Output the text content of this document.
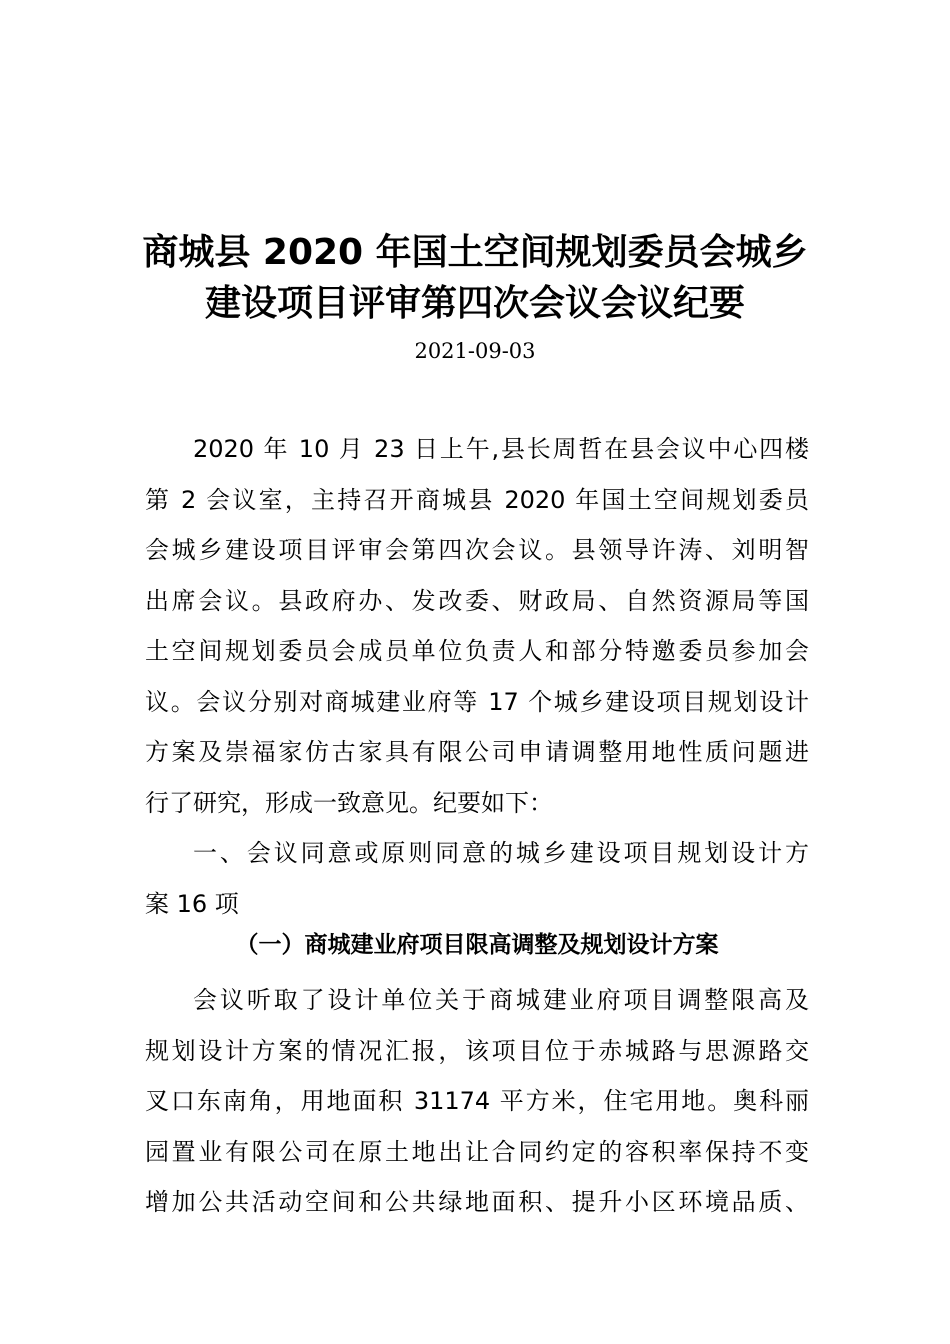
商城县 2020 年国土空间规划委员会城乡
建设项目评审第四次会议会议纪要
2021-09-03
2020 年 10 月 23 日上午,县长周哲在县会议中心四楼
第 2 会议室，主持召开商城县 2020 年国土空间规划委员
会城乡建设项目评审会第四次会议。县领导许涛、刘明智
出席会议。县政府办、发改委、财政局、自然资源局等国
土空间规划委员会成员单位负责人和部分特邀委员参加会
议。会议分别对商城建业府等 17 个城乡建设项目规划设计
方案及崇福家仿古家具有限公司申请调整用地性质问题进
行了研究，形成一致意见。纪要如下：
一、会议同意或原则同意的城乡建设项目规划设计方
案 16 项
（一）商城建业府项目限高调整及规划设计方案
会议听取了设计单位关于商城建业府项目调整限高及
规划设计方案的情况汇报，该项目位于赤城路与思源路交
叉口东南角，用地面积 31174 平方米，住宅用地。奥科丽
园置业有限公司在原土地出让合同约定的容积率保持不变
增加公共活动空间和公共绿地面积、提升小区环境品质、
